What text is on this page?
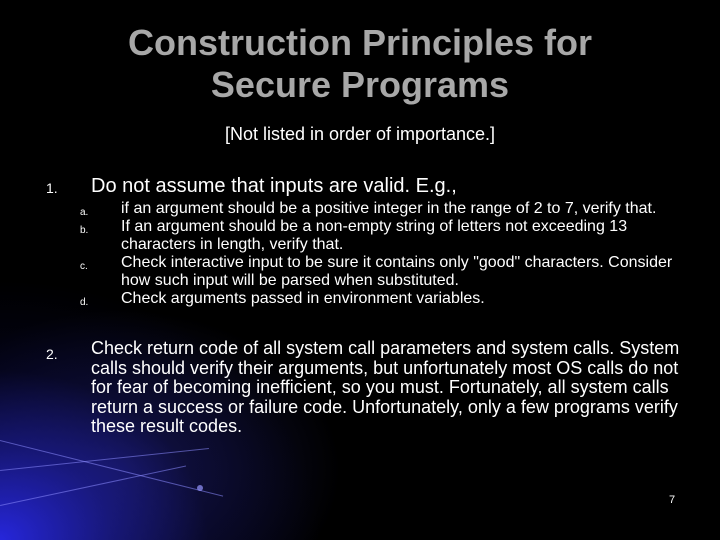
Construction Principles for
Secure Programs
[Not listed in order of importance.]
1. Do not assume that inputs are valid. E.g.,
a. if an argument should be a positive integer in the range of 2 to 7, verify that.
b. If an argument should be a non-empty string of letters not exceeding 13 characters in length, verify that.
c. Check interactive input to be sure it contains only "good" characters. Consider how such input will be parsed when substituted.
d. Check arguments passed in environment variables.
2. Check return code of all system call parameters and system calls. System calls should verify their arguments, but unfortunately most OS calls do not for fear of becoming inefficient, so you must. Fortunately, all system calls return a success or failure code. Unfortunately, only a few programs verify these result codes.
7
